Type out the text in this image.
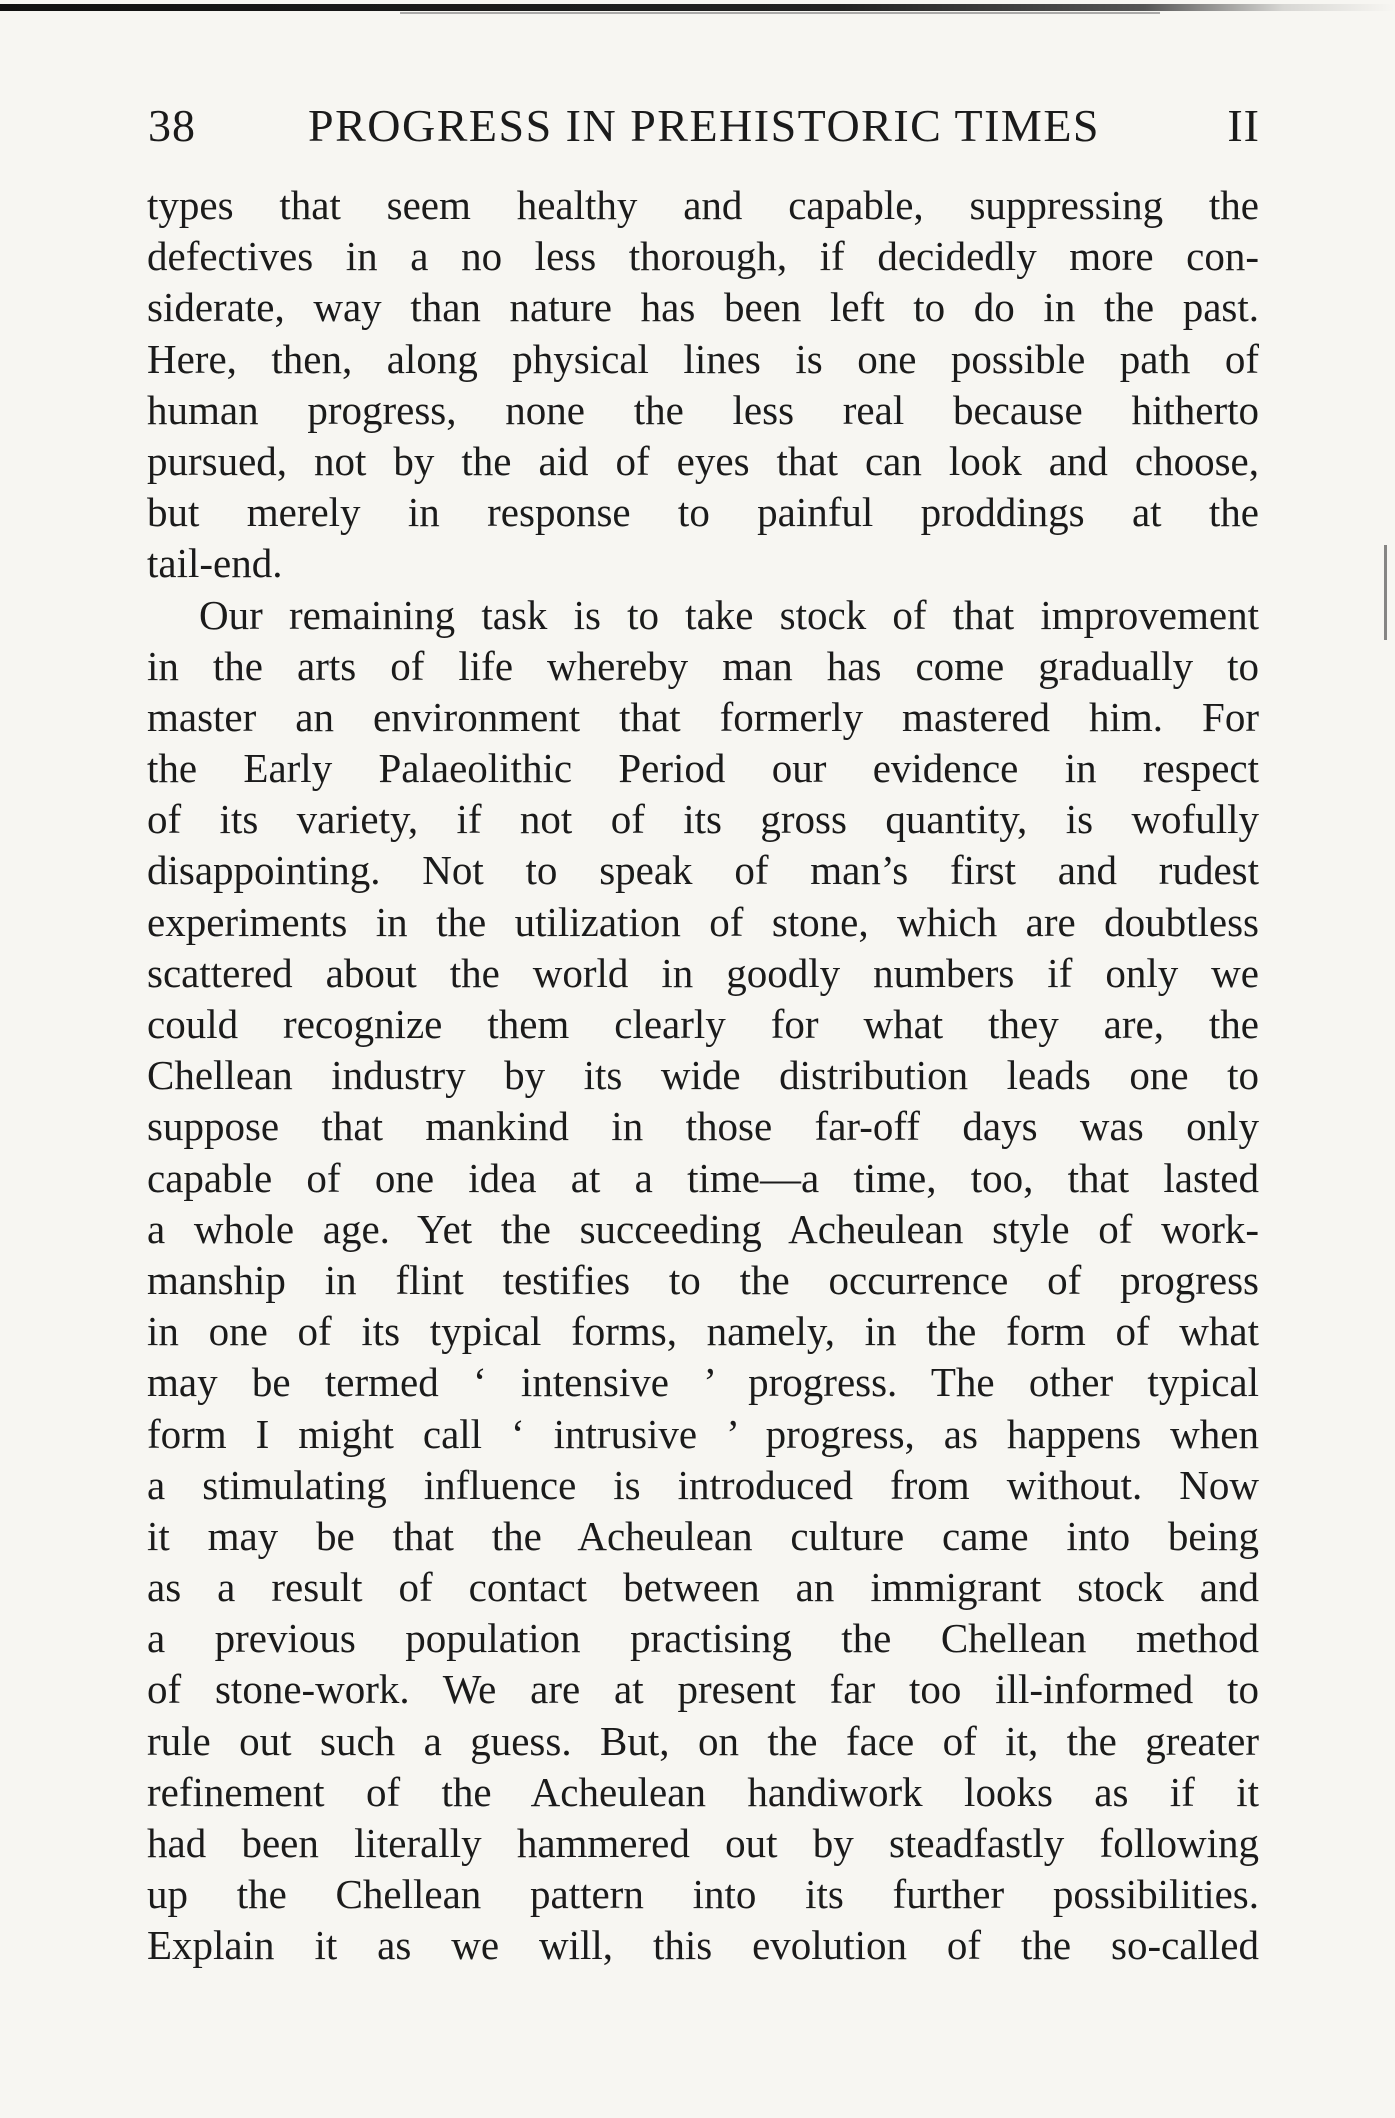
38 PROGRESS IN PREHISTORIC TIMES	II
types that seem healthy and capable, suppressing the
defectives in a no less thorough, if decidedly more con-
siderate, way than nature has been left to do in the past.
Here, then, along physical lines is one possible path of
human progress, none the less real because hitherto
pursued, not by the aid of eyes that can look and choose,
but merely in response to painful proddings at the
tail-end.
Our remaining task is to take stock of that improvement
in the arts of life whereby man has come gradually to
master an environment that formerly mastered him. For
the Early Palaeolithic Period our evidence in respect
of its variety, if not of its gross quantity, is wofully
disappointing. Not to speak of man’s first and rudest
experiments in the utilization of stone, which are doubtless
scattered about the world in goodly numbers if only we
could recognize them clearly for what they are, the
Chellean industry by its wide distribution leads one to
suppose that mankind in those far-off days was only
capable of one idea at a time—a time, too, that lasted
a whole age. Yet the succeeding Acheulean style of work-
manship in flint testifies to the occurrence of progress
in one of its typical forms, namely, in the form of what
may be termed ‘ intensive ’ progress. The other typical
form I might call ‘ intrusive ’ progress, as happens when
a stimulating influence is introduced from without. Now
it may be that the Acheulean culture came into being
as a result of contact between an immigrant stock and
a previous population practising the Chellean method
of stone-work. We are at present far too ill-informed to
rule out such a guess. But, on the face of it, the greater
refinement of the Acheulean handiwork looks as if it
had been literally hammered out by steadfastly following
up the Chellean pattern into its further possibilities.
Explain it as we will, this evolution of the so-called
